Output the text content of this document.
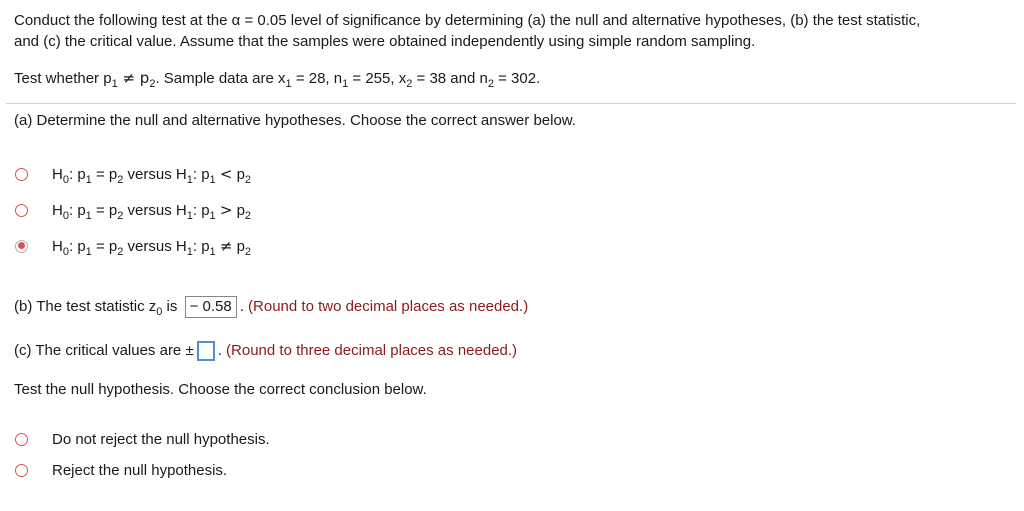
Conduct the following test at the α = 0.05 level of significance by determining (a) the null and alternative hypotheses, (b) the test statistic,
and (c) the critical value. Assume that the samples were obtained independently using simple random sampling.
Test whether $p_1 \ne p_2$. Sample data are $x_1 = 28$, $n_1 = 255$, $x_2 = 38$ and $n_2 = 302$.
(a) Determine the null and alternative hypotheses. Choose the correct answer below.
$H_0$: $p_1 = p_2$ versus $H_1$: $p_1 < p_2$
$H_0$: $p_1 = p_2$ versus $H_1$: $p_1 > p_2$
$H_0$: $p_1 = p_2$ versus $H_1$: $p_1 \ne p_2$
(b) The test statistic $z_0$ is − 0.58 . (Round to two decimal places as needed.)
(c) The critical values are ± . (Round to three decimal places as needed.)
Test the null hypothesis. Choose the correct conclusion below.
Do not reject the null hypothesis.
Reject the null hypothesis.
